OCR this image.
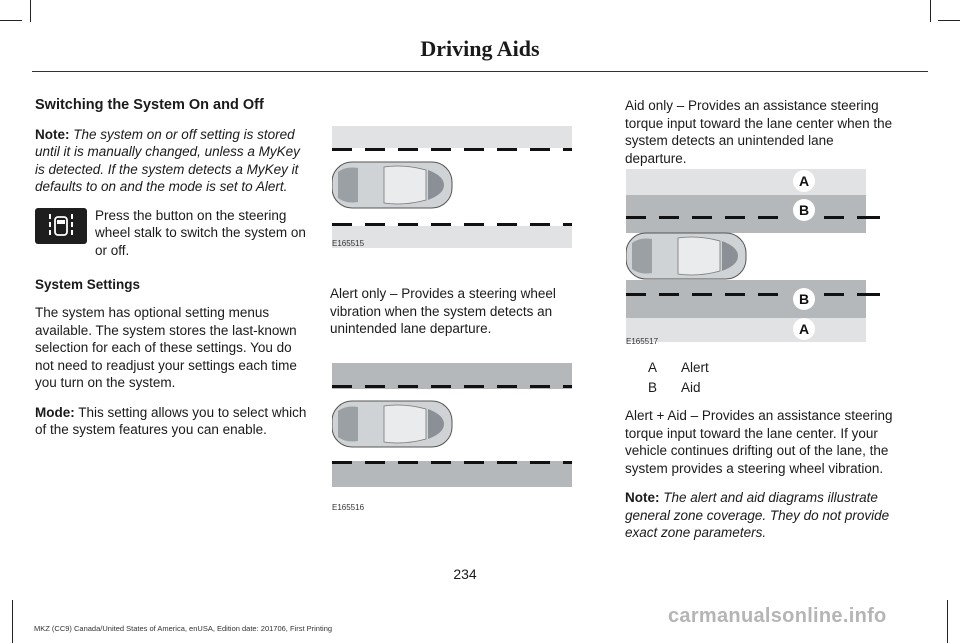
Driving Aids
Switching the System On and Off

Note: The system on or off setting is stored until it is manually changed, unless a MyKey is detected. If the system detects a MyKey it defaults to on and the mode is set to Alert.

Press the button on the steering wheel stalk to switch the system on or off.
System Settings

The system has optional setting menus available. The system stores the last-known selection for each of these settings. You do not need to readjust your settings each time you turn on the system.

Mode: This setting allows you to select which of the system features you can enable.

E165515
Alert only – Provides a steering wheel vibration when the system detects an unintended lane departure.
E165516
Aid only – Provides an assistance steering torque input toward the lane center when the system detects an unintended lane departure.
A
B
B
A
E165517
A Alert
B Aid

Alert + Aid – Provides an assistance steering torque input toward the lane center. If your vehicle continues drifting out of the lane, the system provides a steering wheel vibration.

Note: The alert and aid diagrams illustrate general zone coverage. They do not provide exact zone parameters.

234
MKZ (CC9) Canada/United States of America, enUSA, Edition date: 201706, First Printing
carmanualsonline.info
